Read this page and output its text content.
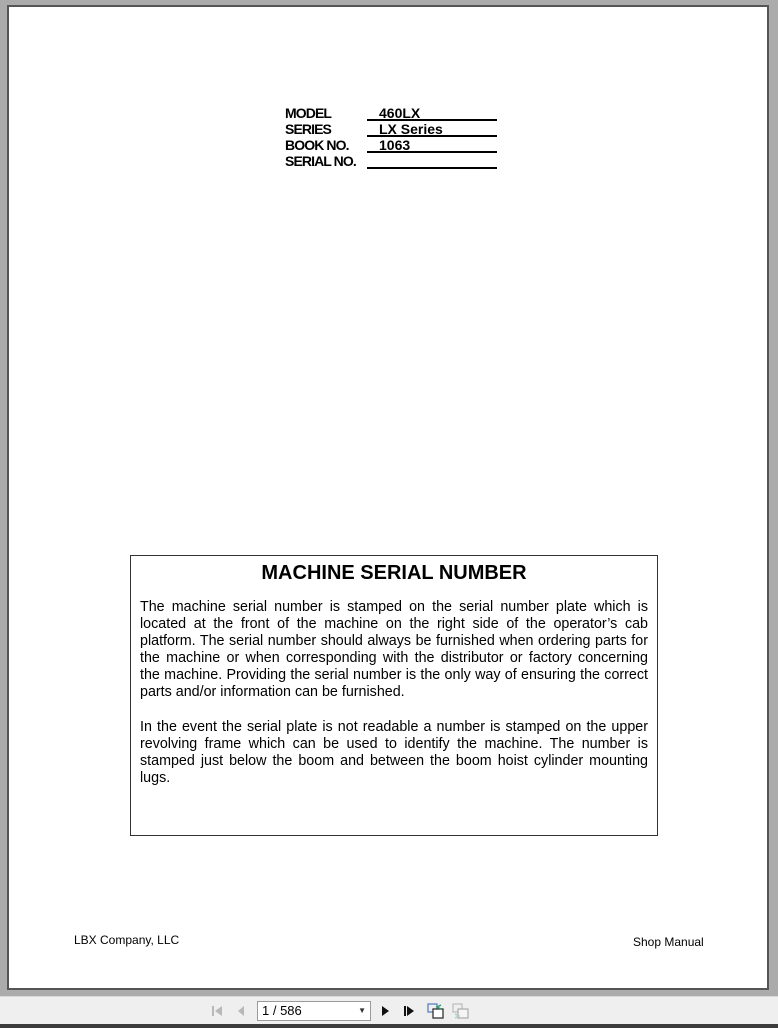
MODEL	460LX
SERIES	LX Series
BOOK NO. 1063
SERIAL NO.
MACHINE SERIAL NUMBER

The machine serial number is stamped on the serial number plate which is located at the front of the machine on the right side of the operator’s cab platform. The serial number should always be furnished when ordering parts for the machine or when corresponding with the distributor or factory concerning the machine. Providing the serial number is the only way of ensuring the correct parts and/or information can be furnished.

In the event the serial plate is not readable a number is stamped on the upper revolving frame which can be used to identify the machine. The number is stamped just below the boom and between the boom hoist cylinder mounting lugs.

LBX Company, LLC	Shop Manual
1 / 586	▼
